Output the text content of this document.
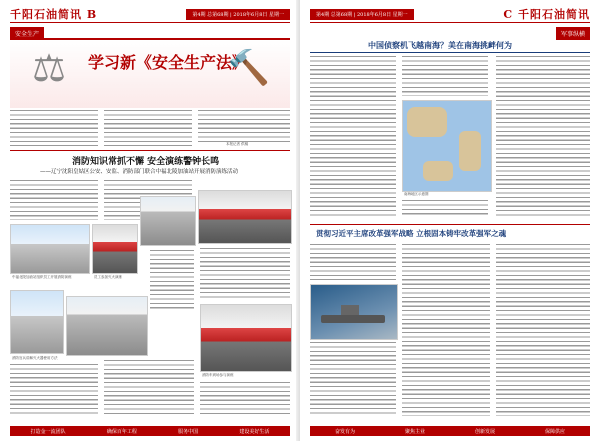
千阳石油简讯 B	第4期 总第68期 | 2018年6月8日 星期一
安全生产
⚖ 学习新《安全生产法》
🔨
本报记者 供稿
消防知识常抓不懈 安全演练警钟长鸣
——辽宁沈阳皇姑区公安、安监、消防部门联合中福北陵加油站开展消防演练活动
中福北陵加油站组织员工开展消防演练	员工参加灭火演练
消防官兵讲解灭火器使用方法
消防车到场参与演练
打造金一流团队	确保百年工程	服务中国	建设美好生活
第4期 总第68期 | 2018年6月8日 星期一	C 千阳石油简讯
军事纵横
中国侦察机飞越南海？美在南海挑衅何为
南海地区示意图
贯彻习近平主席改革强军战略 立根固本铸牢改革强军之魂
奋发有为	聚焦主业	创新发展	保障供应
